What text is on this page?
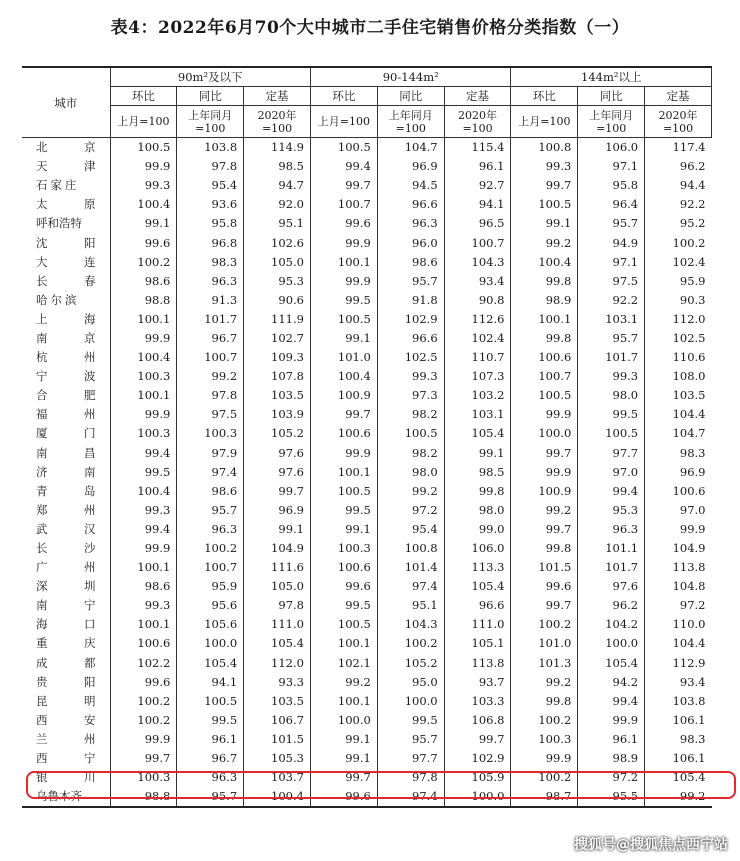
表4：2022年6月70个大中城市二手住宅销售价格分类指数（一）
城市	90m²及以下			90-144m²			144m²以上		
	环比	同比	定基	环比	同比	定基	环比	同比	定基
	上月=100	上年同月=100	2020年=100	上月=100	上年同月=100	2020年=100	上月=100	上年同月=100	2020年=100
北京	100.5	103.8	114.9	100.5	104.7	115.4	100.8	106.0	117.4
天津	99.9	97.8	98.5	99.4	96.9	96.1	99.3	97.1	96.2
石家庄	99.3	95.4	94.7	99.7	94.5	92.7	99.7	95.8	94.4
太原	100.4	93.6	92.0	100.7	96.6	94.1	100.5	96.4	92.2
呼和浩特	99.1	95.8	95.1	99.6	96.3	96.5	99.1	95.7	95.2
沈阳	99.6	96.8	102.6	99.9	96.0	100.7	99.2	94.9	100.2
大连	100.2	98.3	105.0	100.1	98.6	104.3	100.4	97.1	102.4
长春	98.6	96.3	95.3	99.9	95.7	93.4	99.8	97.5	95.9
哈尔滨	98.8	91.3	90.6	99.5	91.8	90.8	98.9	92.2	90.3
上海	100.1	101.7	111.9	100.5	102.9	112.6	100.1	103.1	112.0
南京	99.9	96.7	102.7	99.1	96.6	102.4	99.8	95.7	102.5
杭州	100.4	100.7	109.3	101.0	102.5	110.7	100.6	101.7	110.6
宁波	100.3	99.2	107.8	100.4	99.3	107.3	100.7	99.3	108.0
合肥	100.1	97.8	103.5	100.9	97.3	103.2	100.5	98.0	103.5
福州	99.9	97.5	103.9	99.7	98.2	103.1	99.9	99.5	104.4
厦门	100.3	100.3	105.2	100.6	100.5	105.4	100.0	100.5	104.7
南昌	99.4	97.9	97.6	99.9	98.2	99.1	99.7	97.7	98.3
济南	99.5	97.4	97.6	100.1	98.0	98.5	99.9	97.0	96.9
青岛	100.4	98.6	99.7	100.5	99.2	99.8	100.9	99.4	100.6
郑州	99.3	95.7	96.9	99.5	97.2	98.0	99.2	95.3	97.0
武汉	99.4	96.3	99.1	99.1	95.4	99.0	99.7	96.3	99.9
长沙	99.9	100.2	104.9	100.3	100.8	106.0	99.8	101.1	104.9
广州	100.1	100.7	111.6	100.6	101.4	113.3	101.5	101.7	113.8
深圳	98.6	95.9	105.0	99.6	97.4	105.4	99.6	97.6	104.8
南宁	99.3	95.6	97.8	99.5	95.1	96.6	99.7	96.2	97.2
海口	100.1	105.6	111.0	100.5	104.3	111.0	100.2	104.2	110.0
重庆	100.6	100.0	105.4	100.1	100.2	105.1	101.0	100.0	104.4
成都	102.2	105.4	112.0	102.1	105.2	113.8	101.3	105.4	112.9
贵阳	99.6	94.1	93.3	99.2	95.0	93.7	99.2	94.2	93.4
昆明	100.2	100.5	103.5	100.1	100.0	103.3	99.8	99.4	103.8
西安	100.2	99.5	106.7	100.0	99.5	106.8	100.2	99.9	106.1
兰州	99.9	96.1	101.5	99.1	95.7	99.7	100.3	96.1	98.3
西宁	99.7	96.7	105.3	99.1	97.7	102.9	99.9	98.9	106.1
银川	100.3	96.3	103.7	99.7	97.8	105.9	100.2	97.2	105.4
乌鲁木齐	98.8	95.7	100.4	99.6	97.4	100.0	98.7	95.5	99.2
搜狐号@搜狐焦点西宁站
